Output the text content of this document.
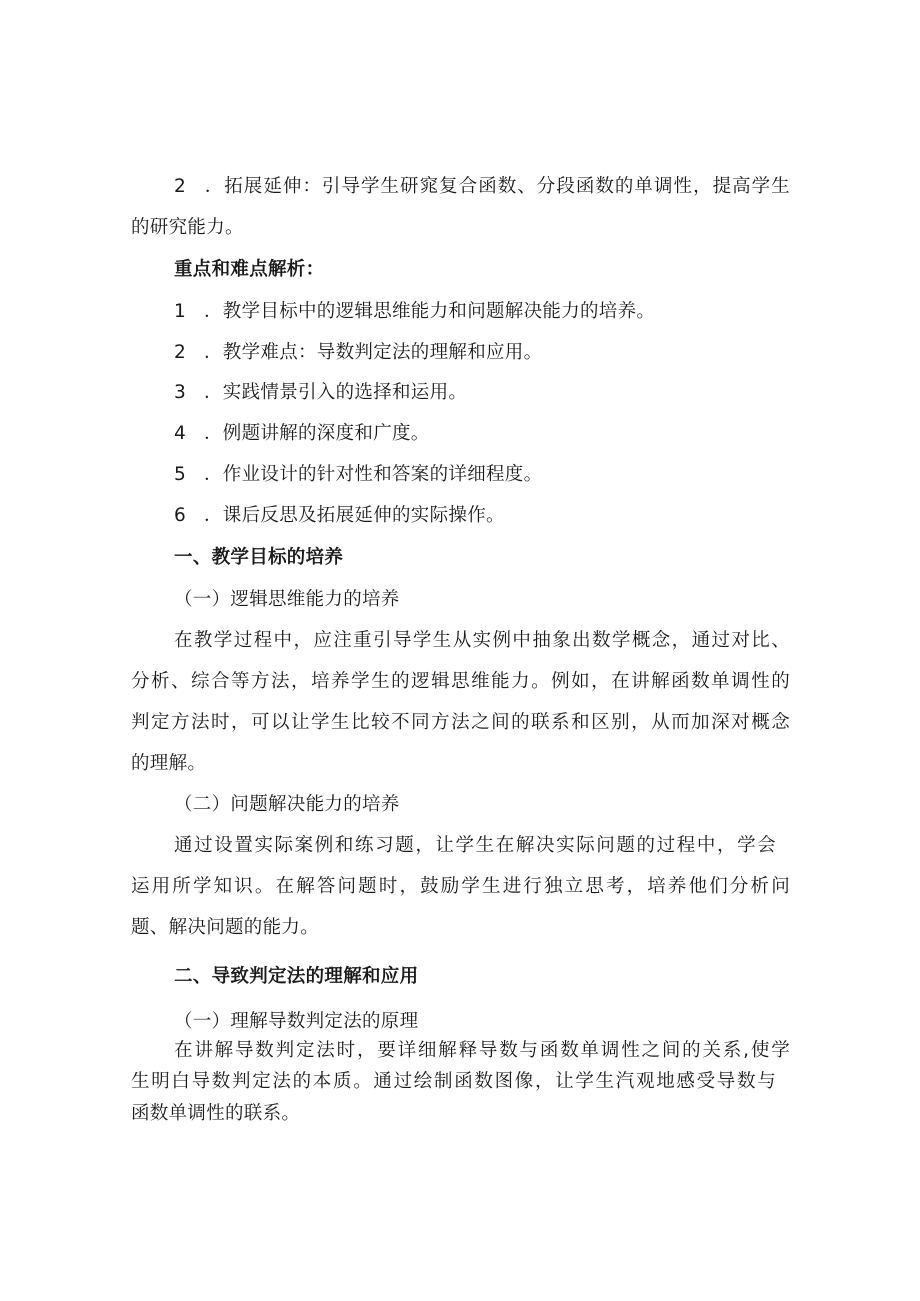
2 ．拓展延伸：引导学生研窕复合函数、分段函数的单调性，提高学生
的研究能力。
重点和难点解析：
1 ．教学目标中的逻辑思维能力和问题解决能力的培养。
2 ．教学难点：导数判定法的理解和应用。
3 ．实践情景引入的选择和运用。
4 ．例题讲解的深度和广度。
5 ．作业设计的针对性和答案的详细程度。
6 ．课后反思及拓展延伸的实际操作。
一、教学目标的培养
（一）逻辑思维能力的培养
在教学过程中，应注重引导学生从实例中抽象出数学概念，通过对比、
分析、综合等方法，培养学生的逻辑思维能力。例如，在讲解函数单调性的
判定方法时，可以让学生比较不同方法之间的联系和区别，从而加深对概念
的理解。
（二）问题解决能力的培养
通过设置实际案例和练习题，让学生在解决实际问题的过程中，学会
运用所学知识。在解答问题时，鼓励学生进行独立思考，培养他们分析问
题、解决问题的能力。
二、导致判定法的理解和应用
（一）理解导数判定法的原理
在讲解导数判定法时，要详细解释导数与函数单调性之间的关系,使学
生明白导数判定法的本质。通过绘制函数图像，让学生汽观地感受导数与
函数单调性的联系。
